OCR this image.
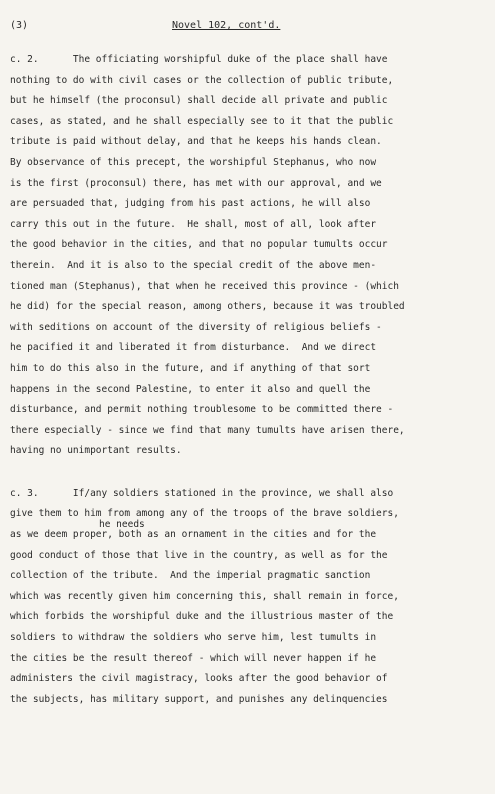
(3)	Novel 102, cont'd.
c. 2.      The officiating worshipful duke of the place shall have
nothing to do with civil cases or the collection of public tribute,
but he himself (the proconsul) shall decide all private and public
cases, as stated, and he shall especially see to it that the public
tribute is paid without delay, and that he keeps his hands clean.
By observance of this precept, the worshipful Stephanus, who now
is the first (proconsul) there, has met with our approval, and we
are persuaded that, judging from his past actions, he will also
carry this out in the future.  He shall, most of all, look after
the good behavior in the cities, and that no popular tumults occur
therein.  And it is also to the special credit of the above men-
tioned man (Stephanus), that when he received this province - (which
he did) for the special reason, among others, because it was troubled
with seditions on account of the diversity of religious beliefs -
he pacified it and liberated it from disturbance.  And we direct
him to do this also in the future, and if anything of that sort
happens in the second Palestine, to enter it also and quell the
disturbance, and permit nothing troublesome to be committed there -
there especially - since we find that many tumults have arisen there,
having no unimportant results.
c. 3.      If/any soldiers stationed in the province, we shall also
give them to him from among any of the troops of the brave soldiers,
as we deem proper, both as an ornament in the cities and for the
good conduct of those that live in the country, as well as for the
collection of the tribute.  And the imperial pragmatic sanction
which was recently given him concerning this, shall remain in force,
which forbids the worshipful duke and the illustrious master of the
soldiers to withdraw the soldiers who serve him, lest tumults in
the cities be the result thereof - which will never happen if he
administers the civil magistracy, looks after the good behavior of
the subjects, has military support, and punishes any delinquencies
he needs
